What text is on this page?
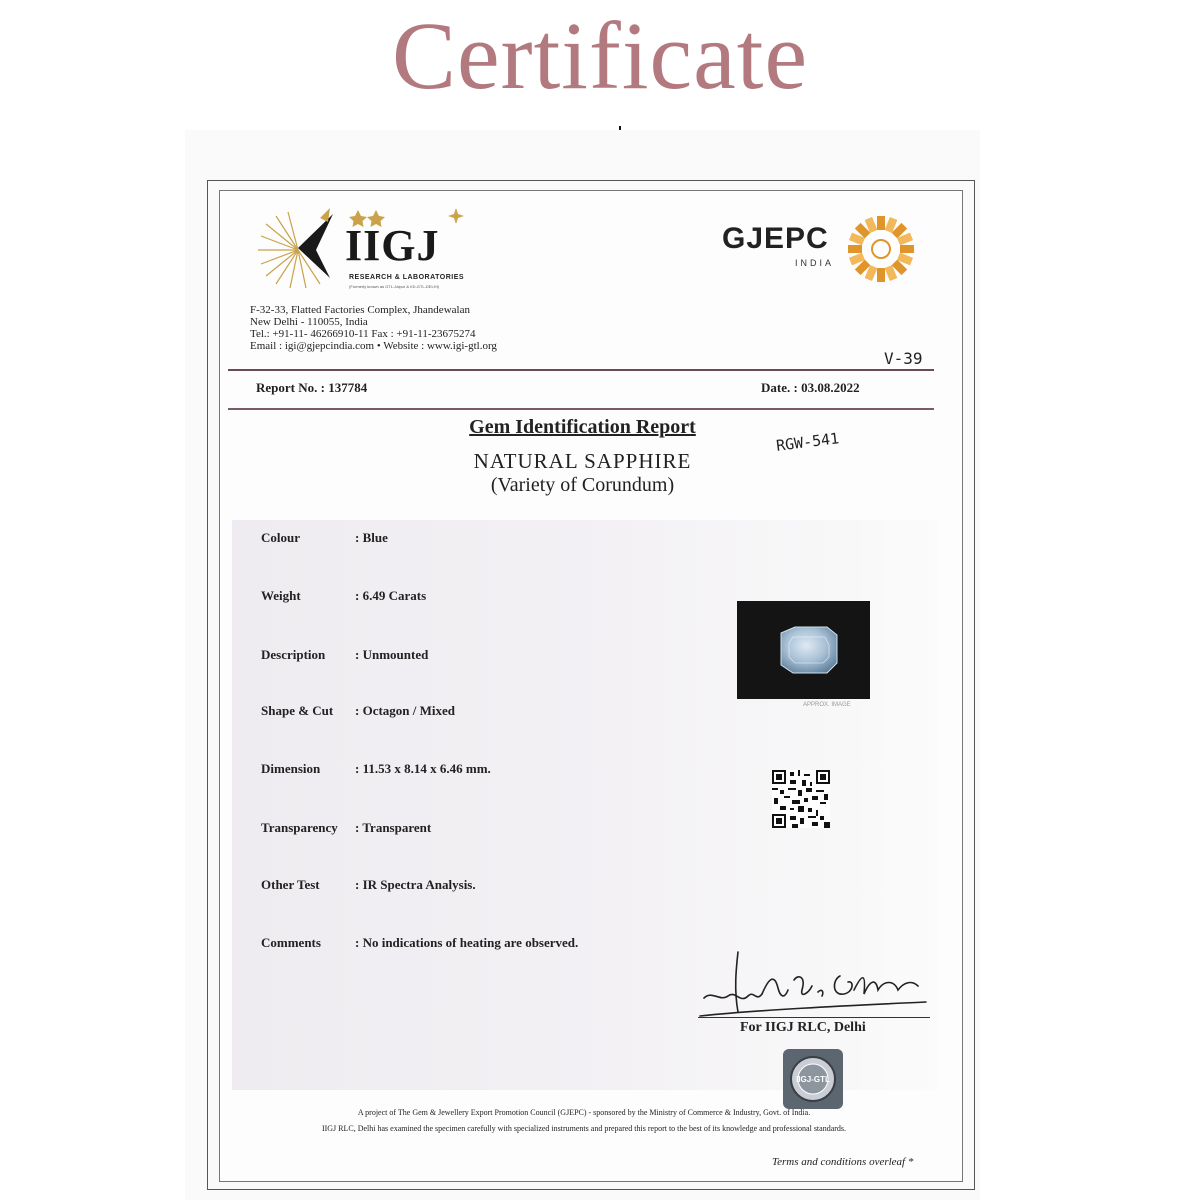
Certificate
IIGJ
RESEARCH & LABORATORIES
(Formerly known as GTL-Jaipur & IGI-GTL-DELHI)
F-32-33, Flatted Factories Complex, Jhandewalan
New Delhi - 110055, India
Tel.: +91-11- 46266910-11 Fax : +91-11-23675274
Email : igi@gjepcindia.com • Website : www.igi-gtl.org
GJEPC
INDIA
V-39
Report No. : 137784	Date. : 03.08.2022
Gem Identification Report
NATURAL SAPPHIRE
(Variety of Corundum)
RGW-541
Colour	: Blue
Weight	: 6.49 Carats
Description	: Unmounted
Shape & Cut	: Octagon / Mixed
Dimension	: 11.53 x 8.14 x 6.46 mm.
Transparency	: Transparent
Other Test	: IR Spectra Analysis.
Comments	: No indications of heating are observed.
APPROX. IMAGE
For IIGJ RLC, Delhi
IIGJ-GTL
A project of The Gem & Jewellery Export Promotion Council (GJEPC) - sponsored by the Ministry of Commerce & Industry, Govt. of India.
IIGJ RLC, Delhi has examined the specimen carefully with specialized instruments and prepared this report to the best of its knowledge and professional standards.
Terms and conditions overleaf *
